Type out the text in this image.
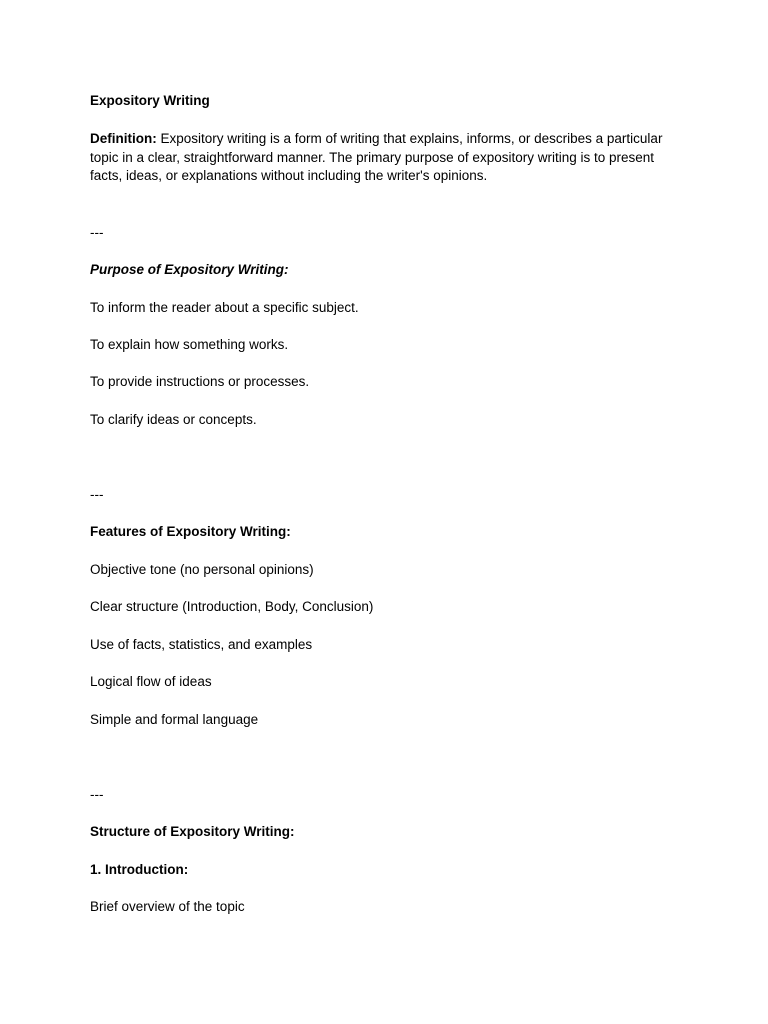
Expository Writing

Definition: Expository writing is a form of writing that explains, informs, or describes a particular topic in a clear, straightforward manner. The primary purpose of expository writing is to present facts, ideas, or explanations without including the writer's opinions.

---

Purpose of Expository Writing:

To inform the reader about a specific subject.

To explain how something works.

To provide instructions or processes.

To clarify ideas or concepts.

---

Features of Expository Writing:

Objective tone (no personal opinions)

Clear structure (Introduction, Body, Conclusion)

Use of facts, statistics, and examples

Logical flow of ideas

Simple and formal language

---

Structure of Expository Writing:

1. Introduction:

Brief overview of the topic
